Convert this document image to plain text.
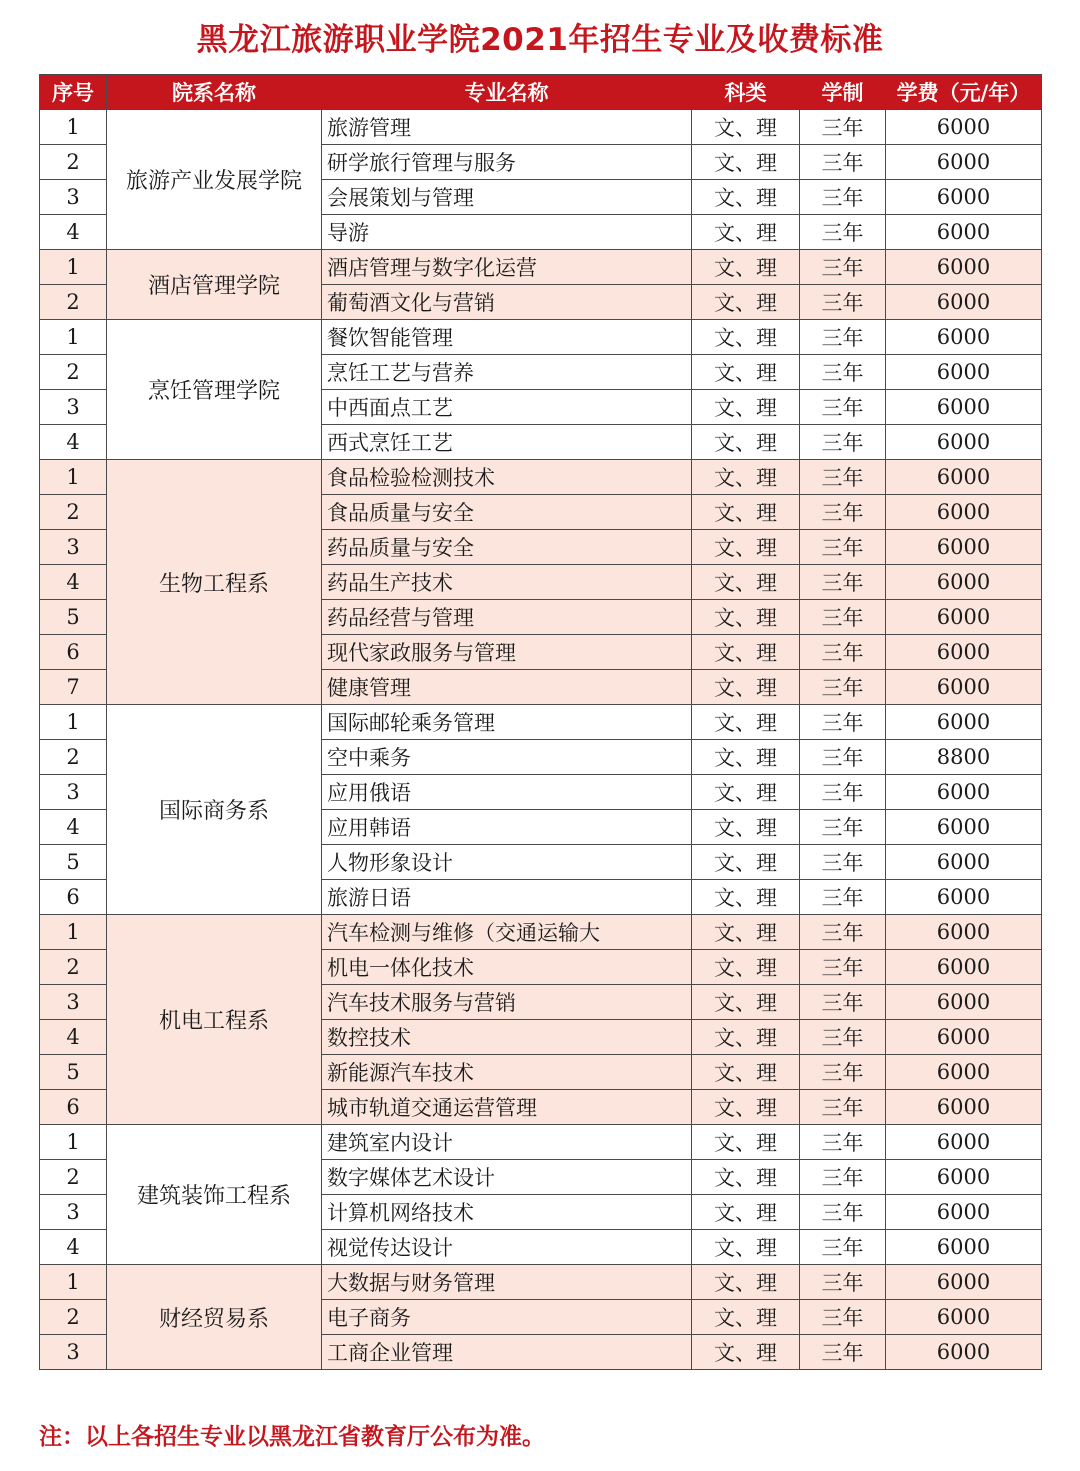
黑龙江旅游职业学院2021年招生专业及收费标准
序号	院系名称	专业名称	科类	学制	学费（元/年）
1	旅游产业发展学院	旅游管理	文、理	三年	6000
2		研学旅行管理与服务	文、理	三年	6000
3		会展策划与管理	文、理	三年	6000
4		导游	文、理	三年	6000
1	酒店管理学院	酒店管理与数字化运营	文、理	三年	6000
2		葡萄酒文化与营销	文、理	三年	6000
1	烹饪管理学院	餐饮智能管理	文、理	三年	6000
2		烹饪工艺与营养	文、理	三年	6000
3		中西面点工艺	文、理	三年	6000
4		西式烹饪工艺	文、理	三年	6000
1	生物工程系	食品检验检测技术	文、理	三年	6000
2		食品质量与安全	文、理	三年	6000
3		药品质量与安全	文、理	三年	6000
4		药品生产技术	文、理	三年	6000
5		药品经营与管理	文、理	三年	6000
6		现代家政服务与管理	文、理	三年	6000
7		健康管理	文、理	三年	6000
1	国际商务系	国际邮轮乘务管理	文、理	三年	6000
2		空中乘务	文、理	三年	8800
3		应用俄语	文、理	三年	6000
4		应用韩语	文、理	三年	6000
5		人物形象设计	文、理	三年	6000
6		旅游日语	文、理	三年	6000
1	机电工程系	汽车检测与维修（交通运输大	文、理	三年	6000
2		机电一体化技术	文、理	三年	6000
3		汽车技术服务与营销	文、理	三年	6000
4		数控技术	文、理	三年	6000
5		新能源汽车技术	文、理	三年	6000
6		城市轨道交通运营管理	文、理	三年	6000
1	建筑装饰工程系	建筑室内设计	文、理	三年	6000
2		数字媒体艺术设计	文、理	三年	6000
3		计算机网络技术	文、理	三年	6000
4		视觉传达设计	文、理	三年	6000
1	财经贸易系	大数据与财务管理	文、理	三年	6000
2		电子商务	文、理	三年	6000
3		工商企业管理	文、理	三年	6000
注：以上各招生专业以黑龙江省教育厅公布为准。
